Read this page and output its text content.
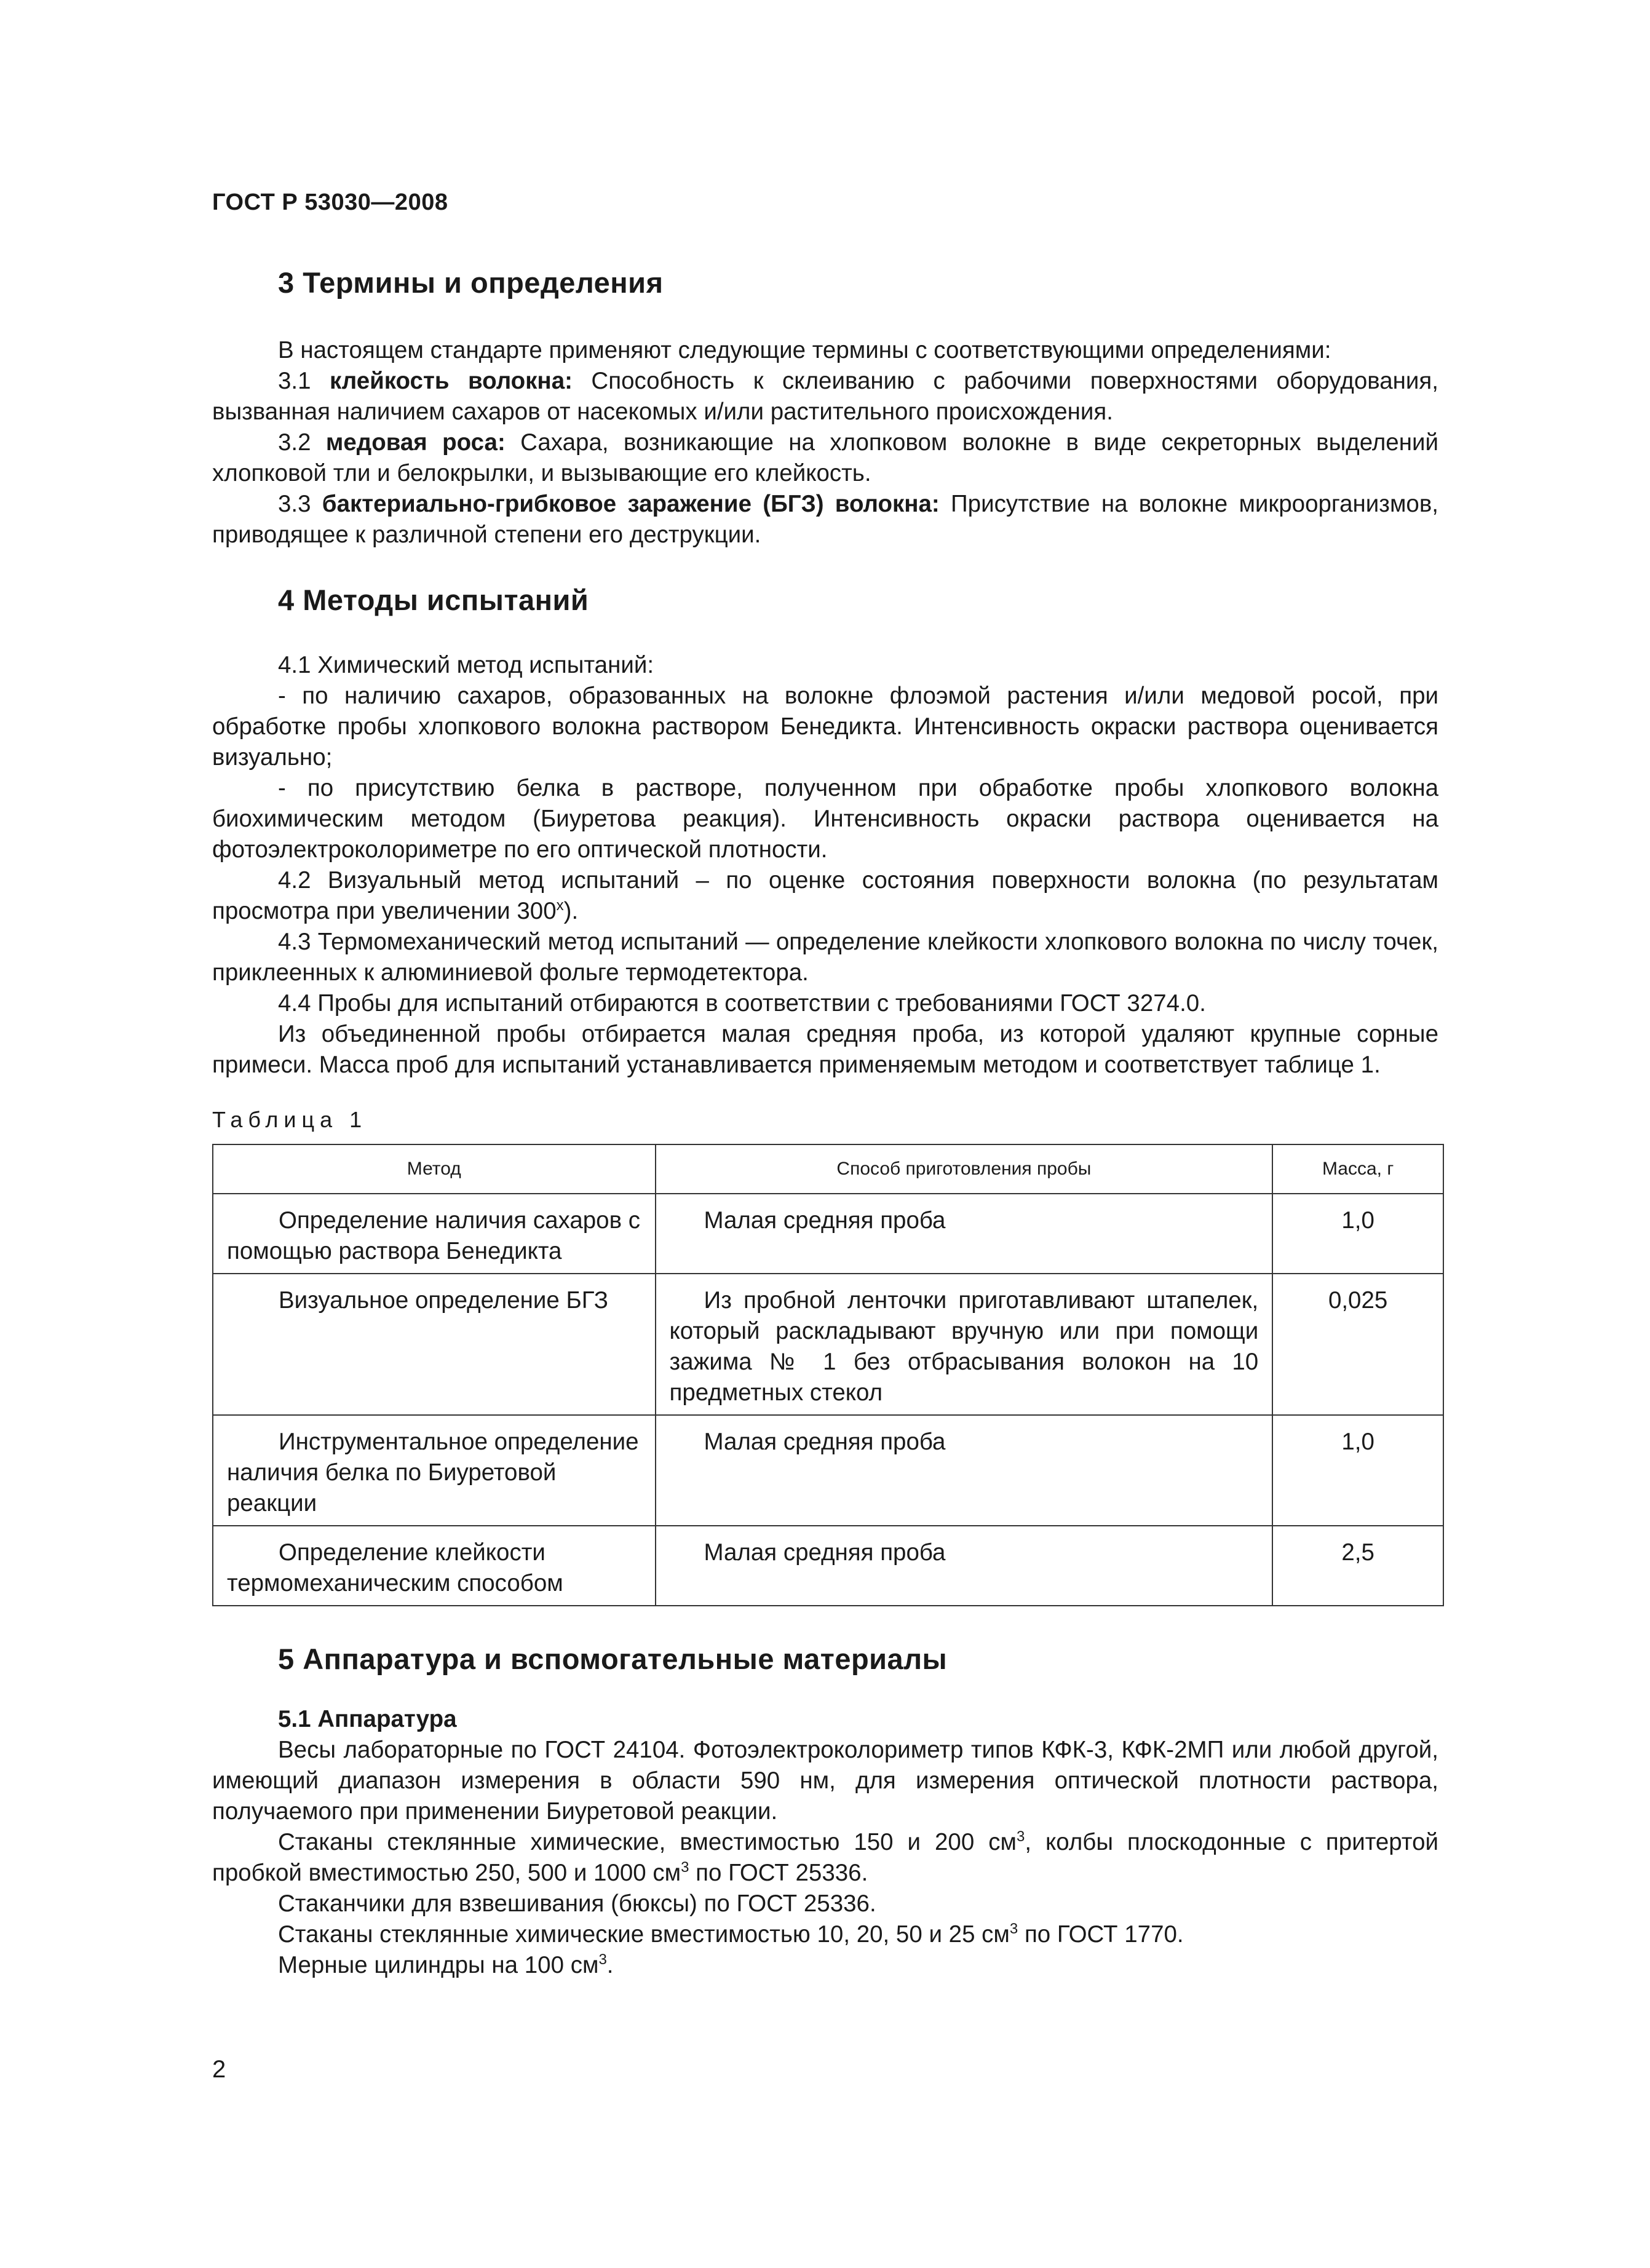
ГОСТ Р 53030—2008
3 Термины и определения

В настоящем стандарте применяют следующие термины с соответствующими определениями:

3.1 клейкость волокна: Способность к склеиванию с рабочими поверхностями оборудования, вызванная наличием сахаров от насекомых и/или растительного происхождения.

3.2 медовая роса: Сахара, возникающие на хлопковом волокне в виде секреторных выделений хлопковой тли и белокрылки, и вызывающие его клейкость.

3.3 бактериально-грибковое заражение (БГЗ) волокна: Присутствие на волокне микроорганизмов, приводящее к различной степени его деструкции.

4 Методы испытаний

4.1 Химический метод испытаний:

- по наличию сахаров, образованных на волокне флоэмой растения и/или медовой росой, при обработке пробы хлопкового волокна раствором Бенедикта. Интенсивность окраски раствора оценивается визуально;

- по присутствию белка в растворе, полученном при обработке пробы хлопкового волокна биохимическим методом (Биуретова реакция). Интенсивность окраски раствора оценивается на фотоэлектроколориметре по его оптической плотности.

4.2 Визуальный метод испытаний – по оценке состояния поверхности волокна (по результатам просмотра при увеличении $300^х$).

4.3 Термомеханический метод испытаний — определение клейкости хлопкового волокна по числу точек, приклеенных к алюминиевой фольге термодетектора.

4.4 Пробы для испытаний отбираются в соответствии с требованиями ГОСТ 3274.0.

Из объединенной пробы отбирается малая средняя проба, из которой удаляют крупные сорные примеси. Масса проб для испытаний устанавливается применяемым методом и соответствует таблице 1.

Таблица 1
Метод	Способ приготовления пробы	Масса, г
Определение наличия сахаров с помощью раствора Бенедикта	Малая средняя проба	1,0
Визуальное определение БГЗ	Из пробной ленточки приготавливают штапелек, который раскладывают вручную или при помощи зажима № 1 без отбрасывания волокон на 10 предметных стекол	0,025
Инструментальное определение наличия белка по Биуретовой реакции	Малая средняя проба	1,0
Определение клейкости термомеханическим способом	Малая средняя проба	2,5
5 Аппаратура и вспомогательные материалы

5.1 Аппаратура

Весы лабораторные по ГОСТ 24104. Фотоэлектроколориметр типов КФК-3, КФК-2МП или любой другой, имеющий диапазон измерения в области 590 нм, для измерения оптической плотности раствора, получаемого при применении Биуретовой реакции.

Стаканы стеклянные химические, вместимостью 150 и 200 $см^3$, колбы плоскодонные с притертой пробкой вместимостью 250, 500 и 1000 $см^3$ по ГОСТ 25336.

Стаканчики для взвешивания (бюксы) по ГОСТ 25336.

Стаканы стеклянные химические вместимостью 10, 20, 50 и 25 $см^3$ по ГОСТ 1770.

Мерные цилиндры на 100 $см^3$.

2
